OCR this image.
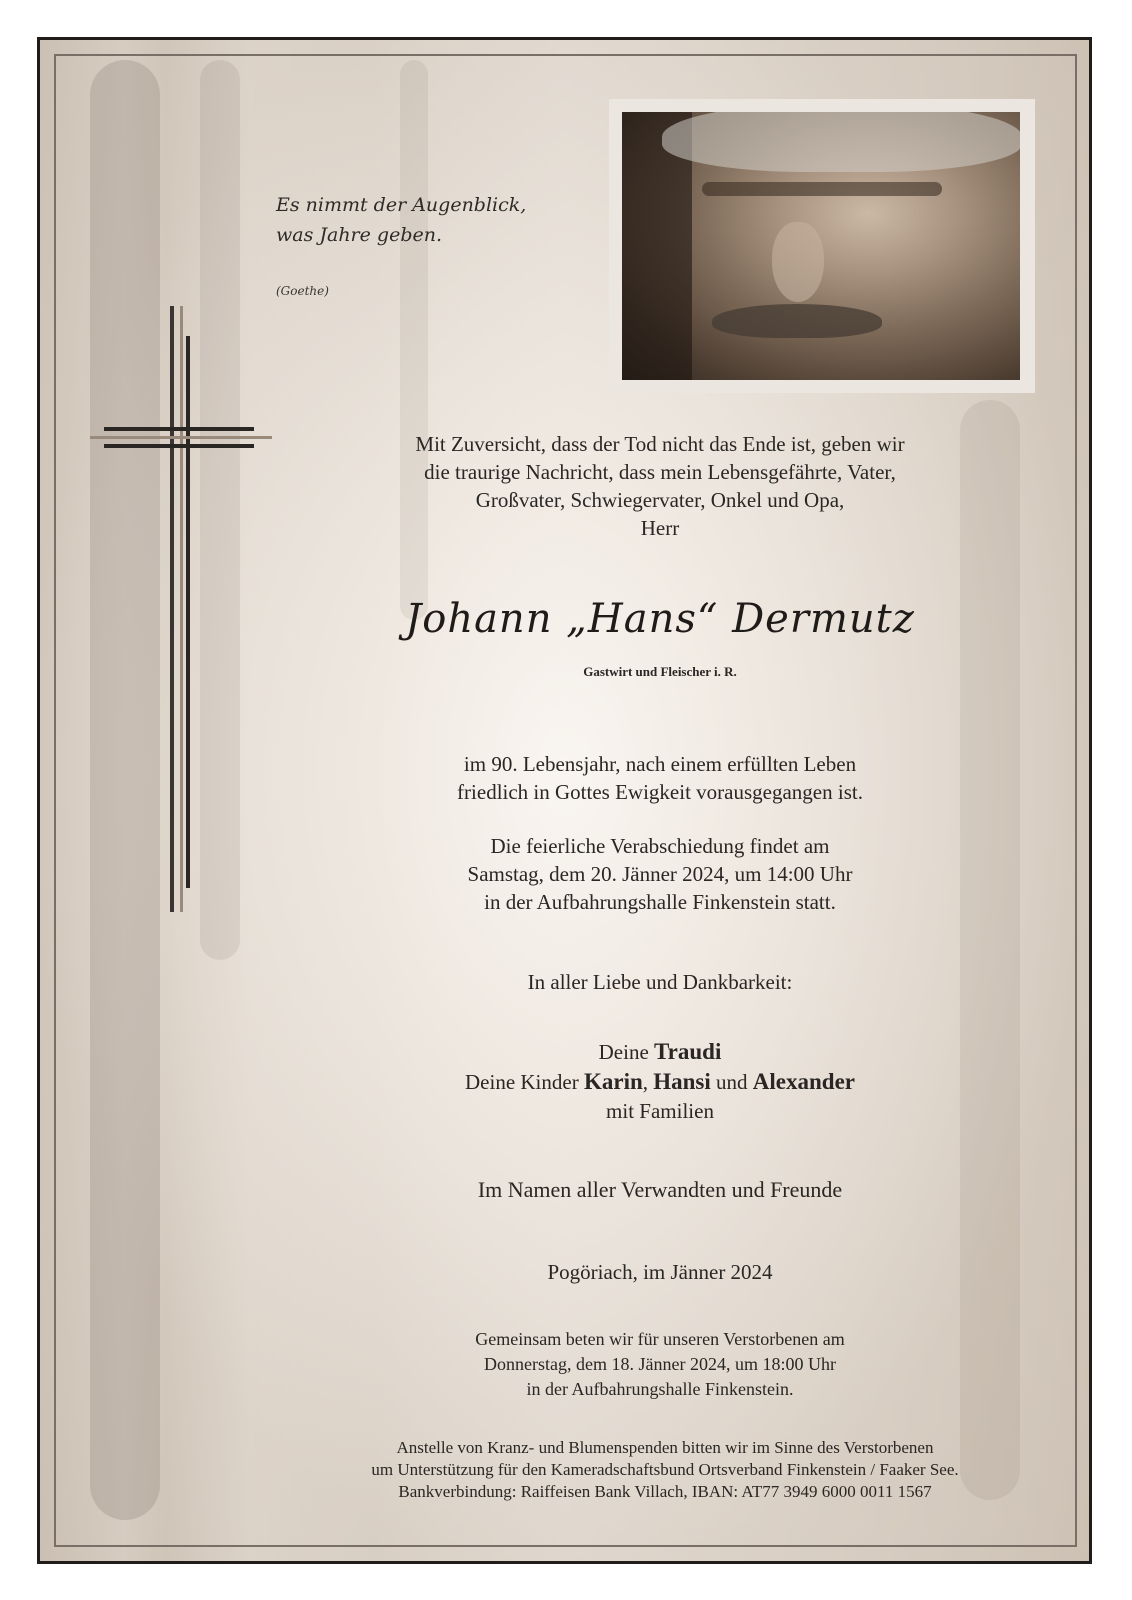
Es nimmt der Augenblick,
was Jahre geben.
(Goethe)
Mit Zuversicht, dass der Tod nicht das Ende ist, geben wir
die traurige Nachricht, dass mein Lebensgefährte, Vater,
Großvater, Schwiegervater, Onkel und Opa,
Herr
Johann „Hans“ Dermutz
Gastwirt und Fleischer i. R.
im 90. Lebensjahr, nach einem erfüllten Leben
friedlich in Gottes Ewigkeit vorausgegangen ist.
Die feierliche Verabschiedung findet am
Samstag, dem 20. Jänner 2024, um 14:00 Uhr
in der Aufbahrungshalle Finkenstein statt.
In aller Liebe und Dankbarkeit:
Deine Traudi
Deine Kinder Karin, Hansi und Alexander
mit Familien
Im Namen aller Verwandten und Freunde
Pogöriach, im Jänner 2024
Gemeinsam beten wir für unseren Verstorbenen am
Donnerstag, dem 18. Jänner 2024, um 18:00 Uhr
in der Aufbahrungshalle Finkenstein.
Anstelle von Kranz- und Blumenspenden bitten wir im Sinne des Verstorbenen
um Unterstützung für den Kameradschaftsbund Ortsverband Finkenstein / Faaker See.
Bankverbindung: Raiffeisen Bank Villach, IBAN: AT77 3949 6000 0011 1567
